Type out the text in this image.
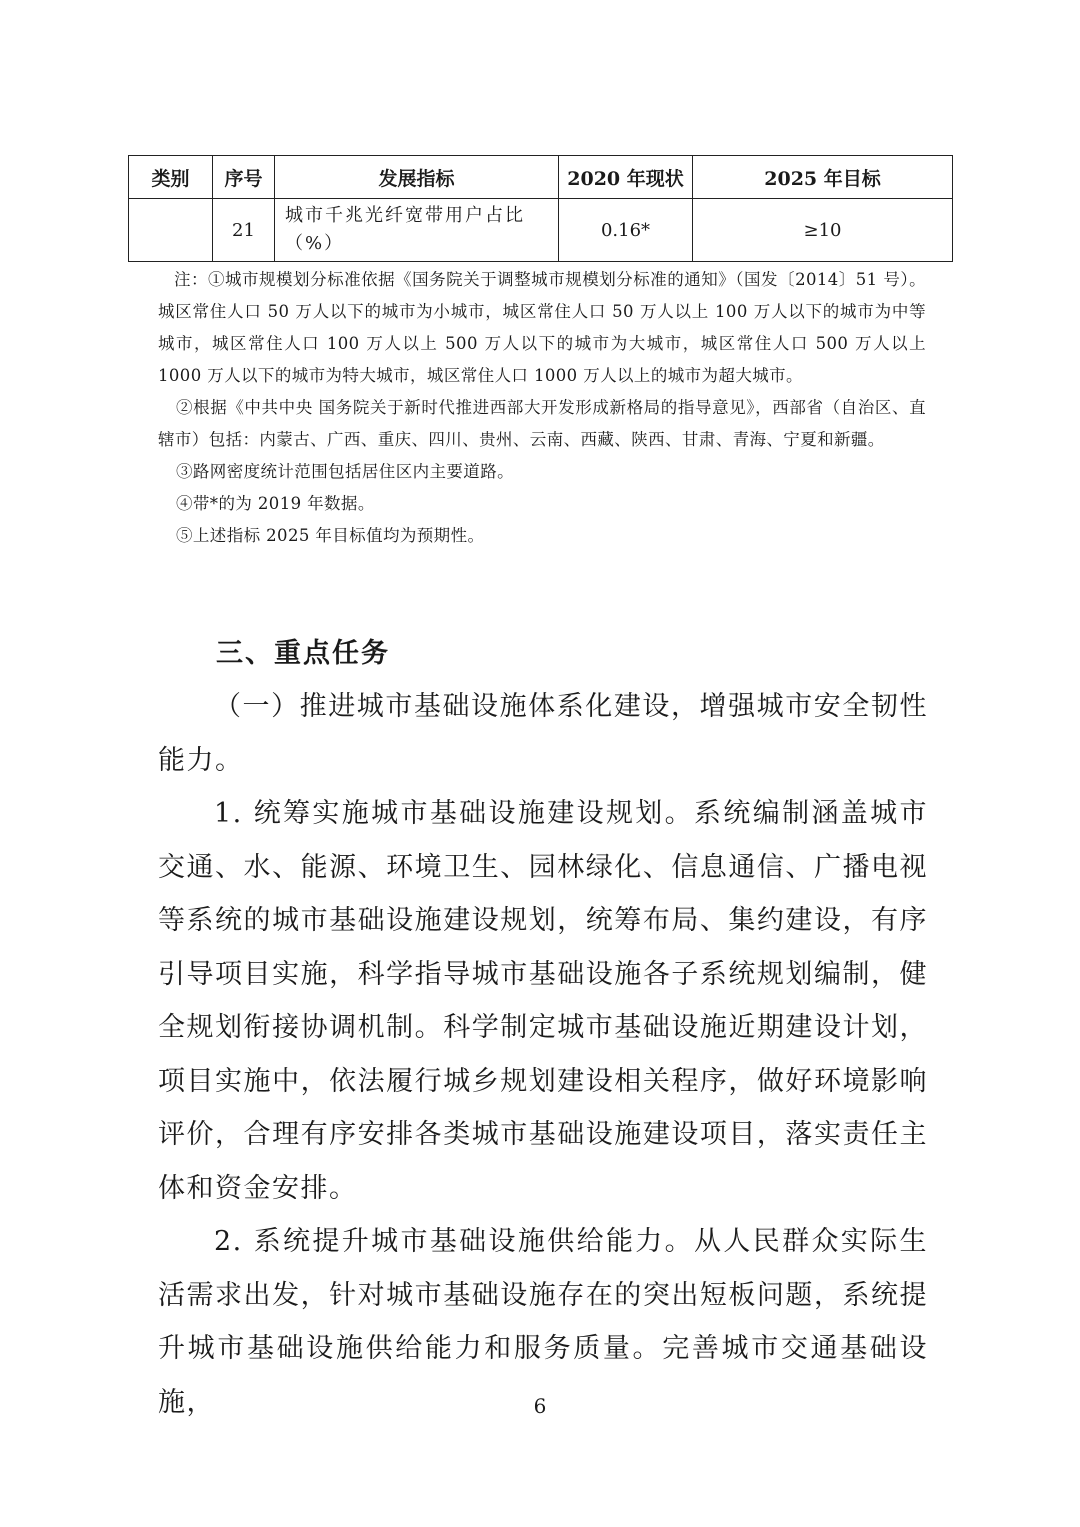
类别	序号	发展指标	2020 年现状	2025 年目标
	21	城市千兆光纤宽带用户占比（%）	0.16*	≥10

注：①城市规模划分标准依据《国务院关于调整城市规模划分标准的通知》（国发〔2014〕51 号）。城区常住人口 50 万人以下的城市为小城市，城区常住人口 50 万人以上 100 万人以下的城市为中等城市，城区常住人口 100 万人以上 500 万人以下的城市为大城市，城区常住人口 500 万人以上 1000 万人以下的城市为特大城市，城区常住人口 1000 万人以上的城市为超大城市。

②根据《中共中央 国务院关于新时代推进西部大开发形成新格局的指导意见》，西部省（自治区、直辖市）包括：内蒙古、广西、重庆、四川、贵州、云南、西藏、陕西、甘肃、青海、宁夏和新疆。

③路网密度统计范围包括居住区内主要道路。

④带*的为 2019 年数据。

⑤上述指标 2025 年目标值均为预期性。

三、重点任务

（一）推进城市基础设施体系化建设，增强城市安全韧性能力。

1. 统筹实施城市基础设施建设规划。系统编制涵盖城市交通、水、能源、环境卫生、园林绿化、信息通信、广播电视等系统的城市基础设施建设规划，统筹布局、集约建设，有序引导项目实施，科学指导城市基础设施各子系统规划编制，健全规划衔接协调机制。科学制定城市基础设施近期建设计划，项目实施中，依法履行城乡规划建设相关程序，做好环境影响评价，合理有序安排各类城市基础设施建设项目，落实责任主体和资金安排。

2. 系统提升城市基础设施供给能力。从人民群众实际生活需求出发，针对城市基础设施存在的突出短板问题，系统提升城市基础设施供给能力和服务质量。完善城市交通基础设施，	6
